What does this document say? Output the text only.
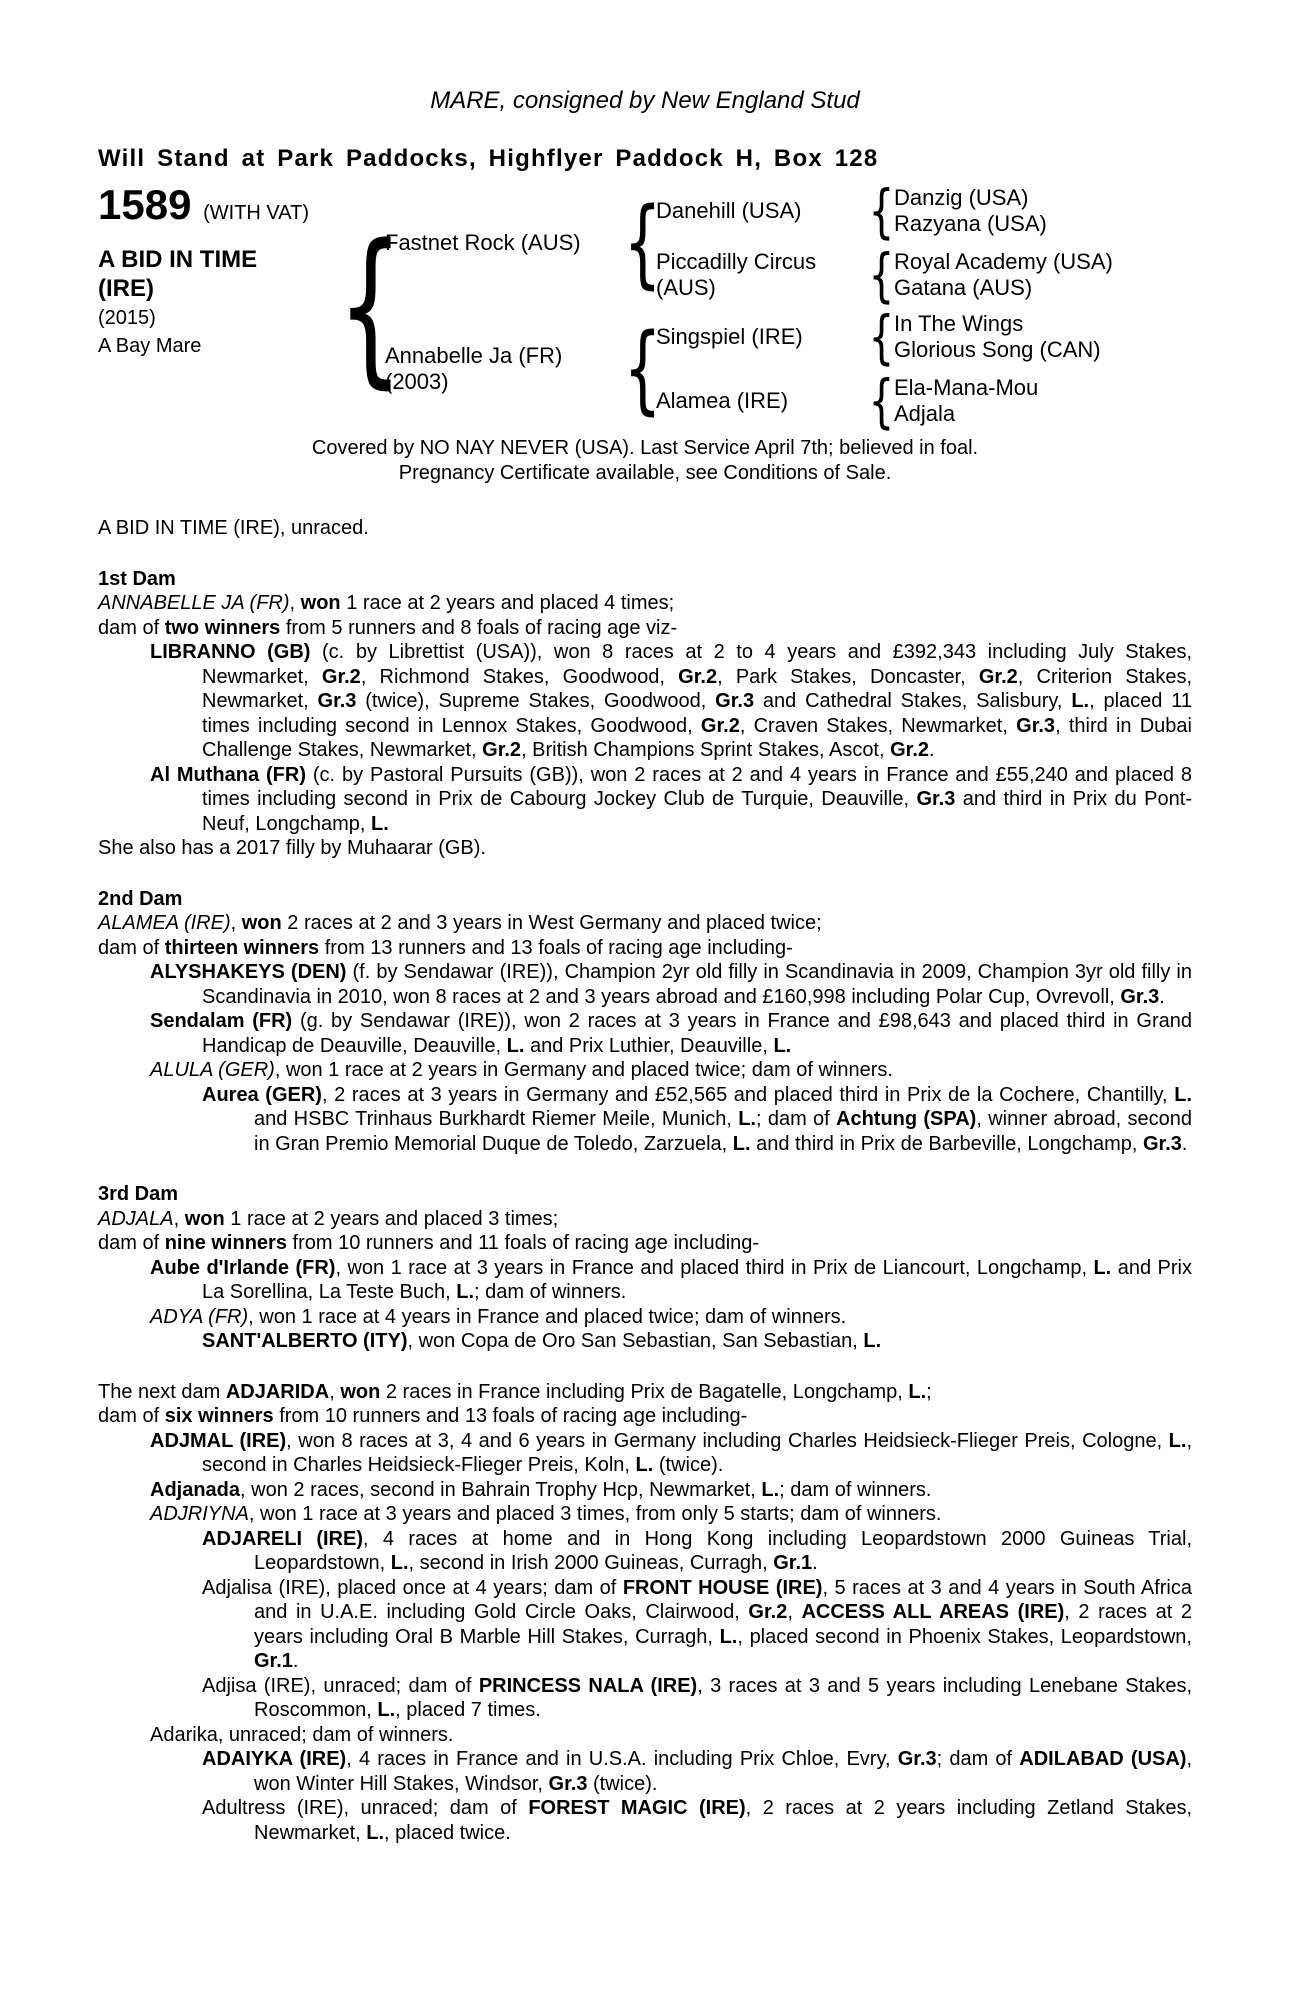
MARE, consigned by New England Stud
Will Stand at Park Paddocks, Highflyer Paddock H, Box 128
1589 (WITH VAT)
A BID IN TIME
(IRE)
(2015)
A Bay Mare
{
Fastnet Rock (AUS)
{
Danehill (USA)
{
Danzig (USA)
Razyana (USA)
Piccadilly Circus (AUS)
{
Royal Academy (USA)
Gatana (AUS)
Annabelle Ja (FR)
(2003)
{
Singspiel (IRE)
{
In The Wings
Glorious Song (CAN)
Alamea (IRE)
{
Ela-Mana-Mou
Adjala
Covered by NO NAY NEVER (USA). Last Service April 7th; believed in foal.
Pregnancy Certificate available, see Conditions of Sale.

A BID IN TIME (IRE), unraced.

1st Dam

ANNABELLE JA (FR), won 1 race at 2 years and placed 4 times;

dam of two winners from 5 runners and 8 foals of racing age viz-

LIBRANNO (GB) (c. by Librettist (USA)), won 8 races at 2 to 4 years and £392,343 including July Stakes, Newmarket, Gr.2, Richmond Stakes, Goodwood, Gr.2, Park Stakes, Doncaster, Gr.2, Criterion Stakes, Newmarket, Gr.3 (twice), Supreme Stakes, Goodwood, Gr.3 and Cathedral Stakes, Salisbury, L., placed 11 times including second in Lennox Stakes, Goodwood, Gr.2, Craven Stakes, Newmarket, Gr.3, third in Dubai Challenge Stakes, Newmarket, Gr.2, British Champions Sprint Stakes, Ascot, Gr.2.

Al Muthana (FR) (c. by Pastoral Pursuits (GB)), won 2 races at 2 and 4 years in France and £55,240 and placed 8 times including second in Prix de Cabourg Jockey Club de Turquie, Deauville, Gr.3 and third in Prix du Pont-Neuf, Longchamp, L.

She also has a 2017 filly by Muhaarar (GB).

2nd Dam

ALAMEA (IRE), won 2 races at 2 and 3 years in West Germany and placed twice;

dam of thirteen winners from 13 runners and 13 foals of racing age including-

ALYSHAKEYS (DEN) (f. by Sendawar (IRE)), Champion 2yr old filly in Scandinavia in 2009, Champion 3yr old filly in Scandinavia in 2010, won 8 races at 2 and 3 years abroad and £160,998 including Polar Cup, Ovrevoll, Gr.3.

Sendalam (FR) (g. by Sendawar (IRE)), won 2 races at 3 years in France and £98,643 and placed third in Grand Handicap de Deauville, Deauville, L. and Prix Luthier, Deauville, L.

ALULA (GER), won 1 race at 2 years in Germany and placed twice; dam of winners.

Aurea (GER), 2 races at 3 years in Germany and £52,565 and placed third in Prix de la Cochere, Chantilly, L. and HSBC Trinhaus Burkhardt Riemer Meile, Munich, L.; dam of Achtung (SPA), winner abroad, second in Gran Premio Memorial Duque de Toledo, Zarzuela, L. and third in Prix de Barbeville, Longchamp, Gr.3.

3rd Dam

ADJALA, won 1 race at 2 years and placed 3 times;

dam of nine winners from 10 runners and 11 foals of racing age including-

Aube d'Irlande (FR), won 1 race at 3 years in France and placed third in Prix de Liancourt, Longchamp, L. and Prix La Sorellina, La Teste Buch, L.; dam of winners.

ADYA (FR), won 1 race at 4 years in France and placed twice; dam of winners.

SANT'ALBERTO (ITY), won Copa de Oro San Sebastian, San Sebastian, L.

The next dam ADJARIDA, won 2 races in France including Prix de Bagatelle, Longchamp, L.;

dam of six winners from 10 runners and 13 foals of racing age including-

ADJMAL (IRE), won 8 races at 3, 4 and 6 years in Germany including Charles Heidsieck-Flieger Preis, Cologne, L., second in Charles Heidsieck-Flieger Preis, Koln, L. (twice).

Adjanada, won 2 races, second in Bahrain Trophy Hcp, Newmarket, L.; dam of winners.

ADJRIYNA, won 1 race at 3 years and placed 3 times, from only 5 starts; dam of winners.

ADJARELI (IRE), 4 races at home and in Hong Kong including Leopardstown 2000 Guineas Trial, Leopardstown, L., second in Irish 2000 Guineas, Curragh, Gr.1.

Adjalisa (IRE), placed once at 4 years; dam of FRONT HOUSE (IRE), 5 races at 3 and 4 years in South Africa and in U.A.E. including Gold Circle Oaks, Clairwood, Gr.2, ACCESS ALL AREAS (IRE), 2 races at 2 years including Oral B Marble Hill Stakes, Curragh, L., placed second in Phoenix Stakes, Leopardstown, Gr.1.

Adjisa (IRE), unraced; dam of PRINCESS NALA (IRE), 3 races at 3 and 5 years including Lenebane Stakes, Roscommon, L., placed 7 times.

Adarika, unraced; dam of winners.

ADAIYKA (IRE), 4 races in France and in U.S.A. including Prix Chloe, Evry, Gr.3; dam of ADILABAD (USA), won Winter Hill Stakes, Windsor, Gr.3 (twice).

Adultress (IRE), unraced; dam of FOREST MAGIC (IRE), 2 races at 2 years including Zetland Stakes, Newmarket, L., placed twice.
